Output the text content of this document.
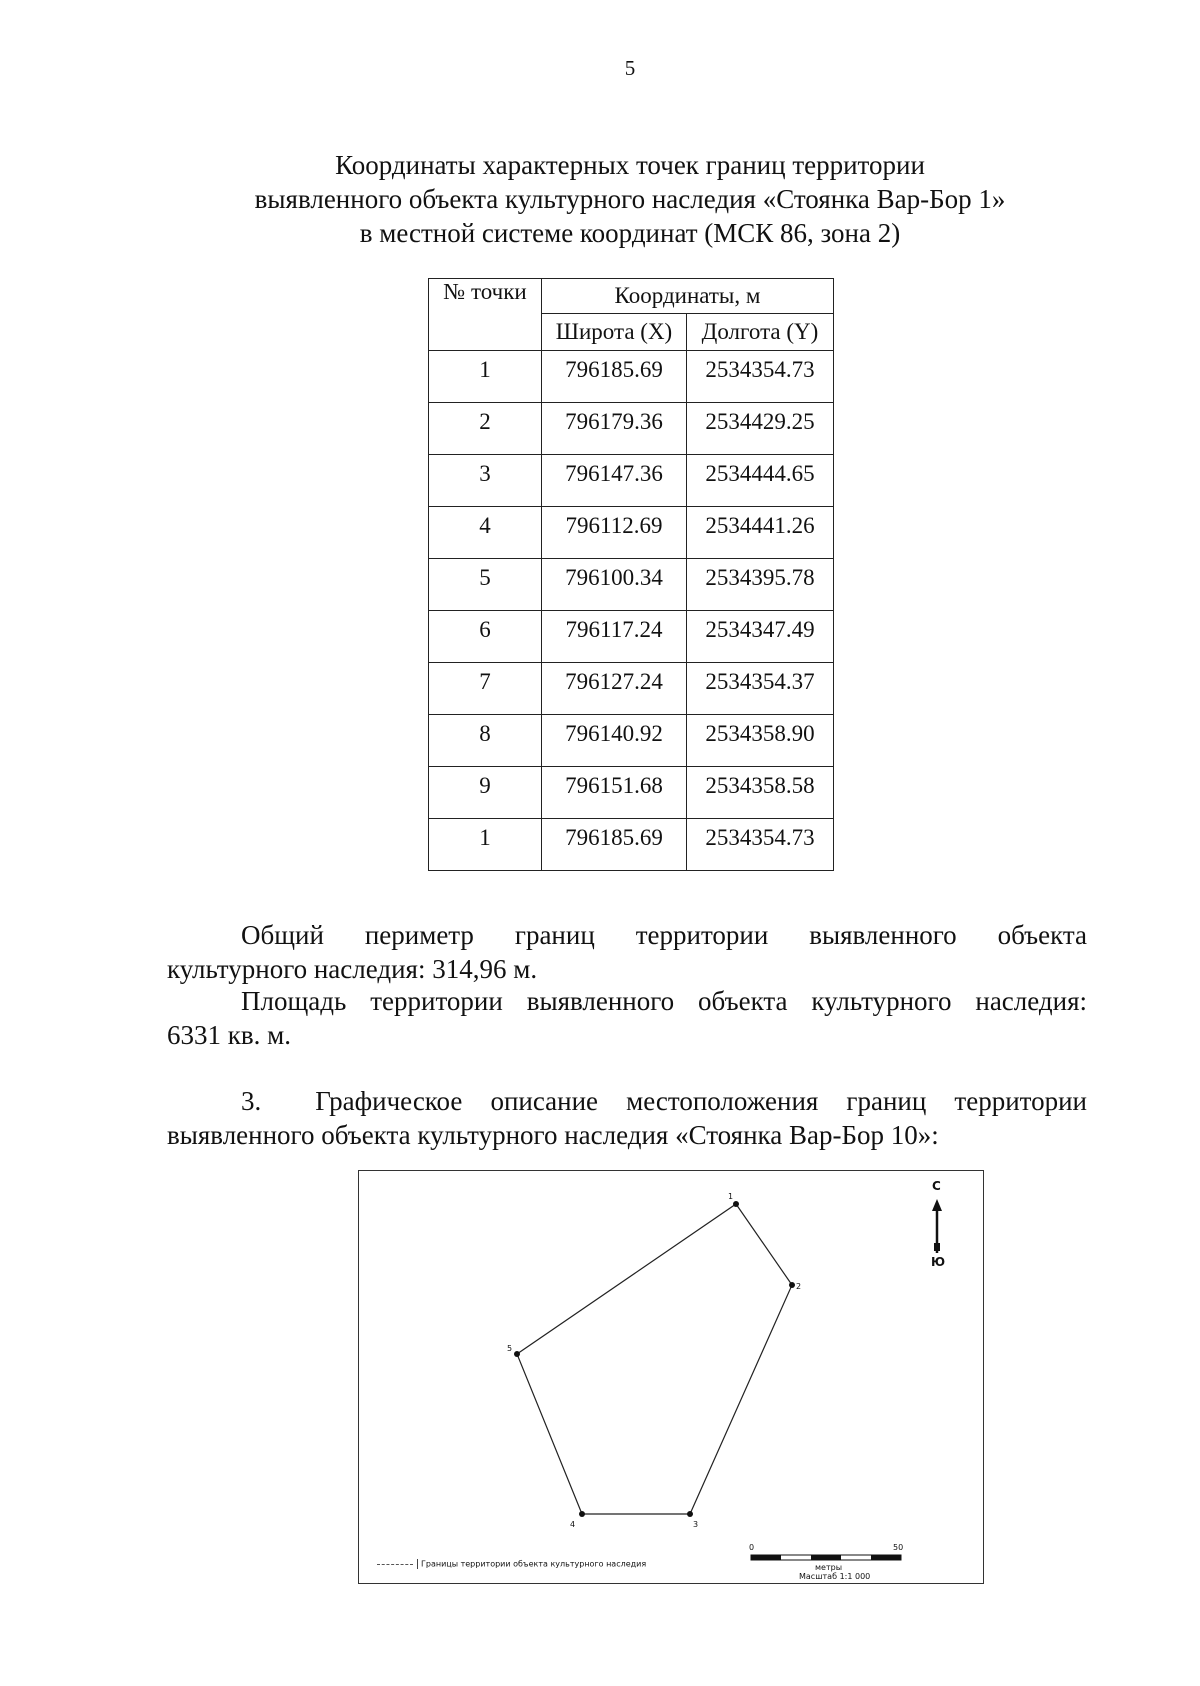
5
Координаты характерных точек границ территории
выявленного объекта культурного наследия «Стоянка Вар-Бор 1»
в местной системе координат (МСК 86, зона 2)
№ точки	Координаты, м	
	Широта (X)	Долгота (Y)
1	796185.69	2534354.73
2	796179.36	2534429.25
3	796147.36	2534444.65
4	796112.69	2534441.26
5	796100.34	2534395.78
6	796117.24	2534347.49
7	796127.24	2534354.37
8	796140.92	2534358.90
9	796151.68	2534358.58
1	796185.69	2534354.73
Общий периметр границ территории выявленного объекта
культурного наследия: 314,96 м.
Площадь территории выявленного объекта культурного наследия:
6331 кв. м.
3. Графическое описание местоположения границ территории
выявленного объекта культурного наследия «Стоянка Вар-Бор 10»:
1
2
3
4
5
С
Ю
Границы территории объекта культурного наследия
0	50
метры
Масштаб 1:1 000
